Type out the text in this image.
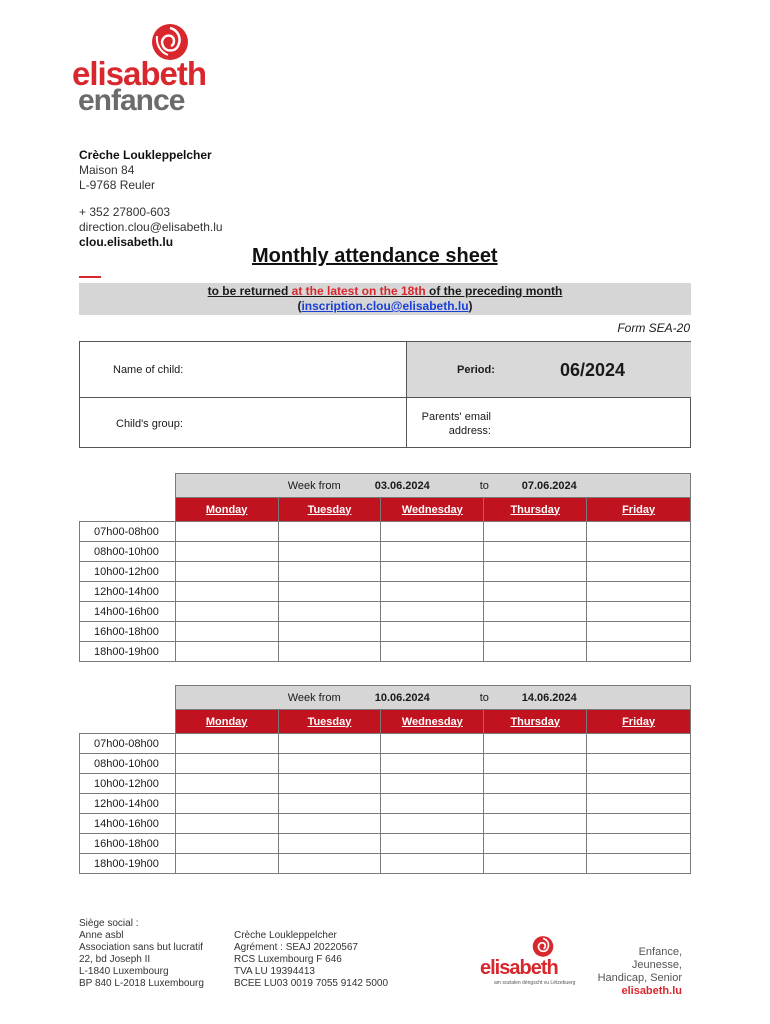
elisabeth
enfance
Crèche Loukleppelcher
Maison 84
L-9768 Reuler

+ 352 27800-603
direction.clou@elisabeth.lu
clou.elisabeth.lu
Monthly attendance sheet
to be returned at the latest on the 18th of the preceding month
(inscription.clou@elisabeth.lu)
Form SEA-20
Name of child:
Child's group:
Period:	06/2024
Parents' email
address:

	Week from 03.06.2024 to 07.06.2024				

	Monday	Tuesday	Wednesday	Thursday	Friday
07h00-08h00					
08h00-10h00					
10h00-12h00					
12h00-14h00					
14h00-16h00					
16h00-18h00					
18h00-19h00					

	Week from 10.06.2024 to 14.06.2024				

	Monday	Tuesday	Wednesday	Thursday	Friday
07h00-08h00					
08h00-10h00					
10h00-12h00					
12h00-14h00					
14h00-16h00					
16h00-18h00					
18h00-19h00					
Siège social :
Anne asbl
Association sans but lucratif
22, bd Joseph II
L-1840 Luxembourg
BP 840 L-2018 Luxembourg
Crèche Loukleppelcher
Agrément : SEAJ 20220567
RCS Luxembourg F 646
TVA LU 19394413
BCEE LU03 0019 7055 9142 5000
elisabeth
am sozialen déngscht vu Lëtzebuerg
Enfance, Jeunesse,
Handicap, Senior
elisabeth.lu
